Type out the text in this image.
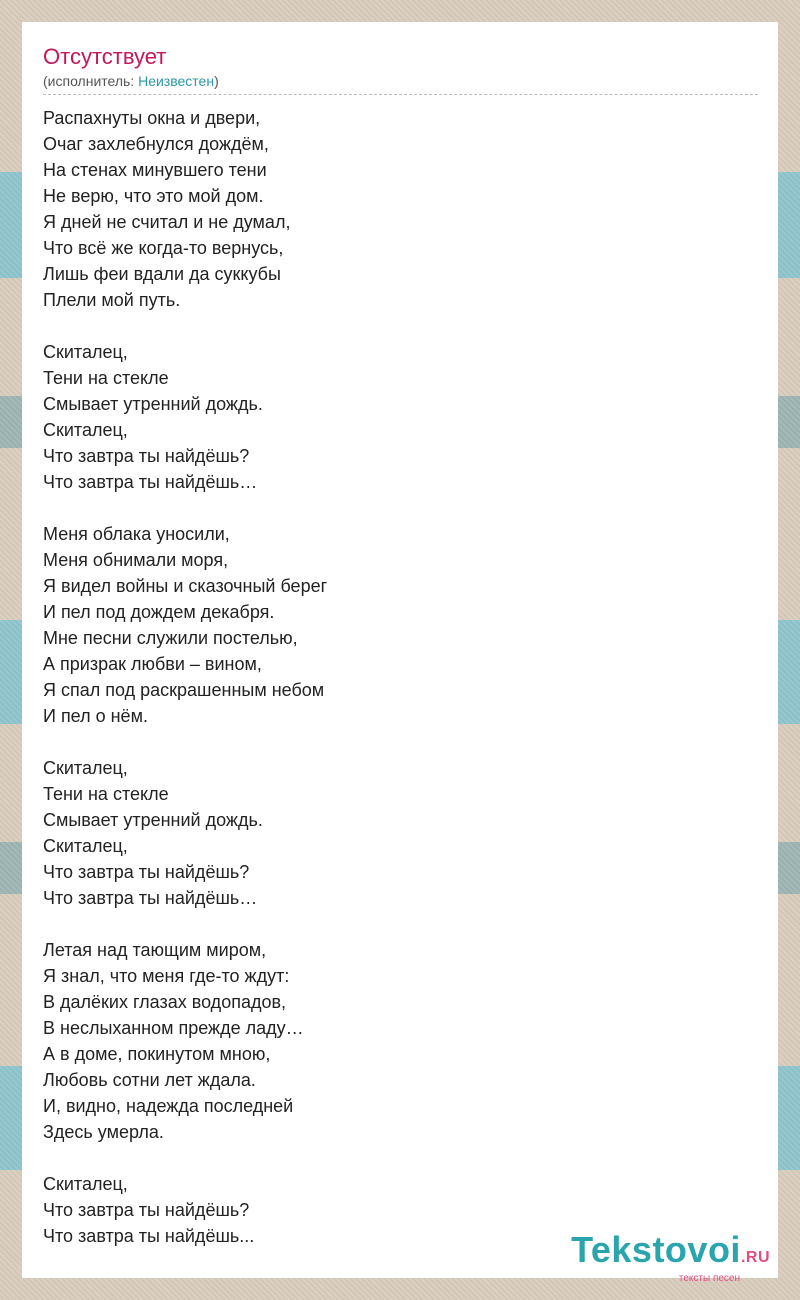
Отсутствует
(исполнитель: Неизвестен)
Распахнуты окна и двери,
Очаг захлебнулся дождём,
На стенах минувшего тени
Не верю, что это мой дом.
Я дней не считал и не думал,
Что всё же когда-то вернусь,
Лишь феи вдали да суккубы
Плели мой путь.
Скиталец,
Тени на стекле
Смывает утренний дождь.
Скиталец,
Что завтра ты найдёшь?
Что завтра ты найдёшь…
Меня облака уносили,
Меня обнимали моря,
Я видел войны и сказочный берег
И пел под дождем декабря.
Мне песни служили постелью,
А призрак любви – вином,
Я спал под раскрашенным небом
И пел о нём.
Скиталец,
Тени на стекле
Смывает утренний дождь.
Скиталец,
Что завтра ты найдёшь?
Что завтра ты найдёшь…
Летая над тающим миром,
Я знал, что меня где-то ждут:
В далёких глазах водопадов,
В неслыханном прежде ладу…
А в доме, покинутом мною,
Любовь сотни лет ждала.
И, видно, надежда последней
Здесь умерла.
Скиталец,
Что завтра ты найдёшь?
Что завтра ты найдёшь...	Tekstovoi.RU
тексты песен
